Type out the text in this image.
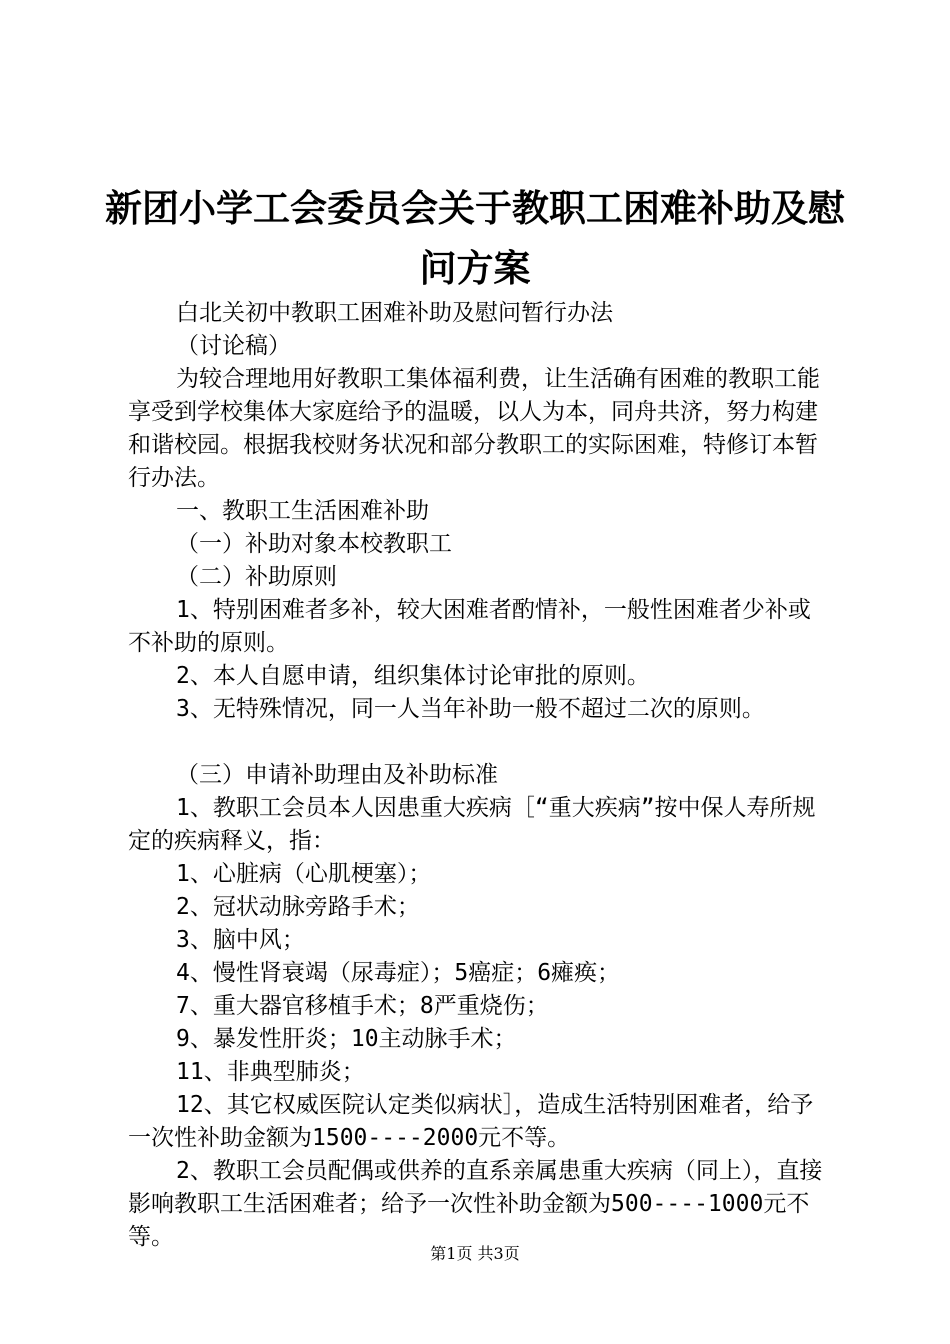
新团小学工会委员会关于教职工困难补助及慰
问方案

白北关初中教职工困难补助及慰问暂行办法

（讨论稿）

为较合理地用好教职工集体福利费，让生活确有困难的教职工能享受到学校集体大家庭给予的温暖，以人为本，同舟共济，努力构建和谐校园。根据我校财务状况和部分教职工的实际困难，特修订本暂行办法。

一、教职工生活困难补助

（一）补助对象本校教职工

（二）补助原则

1、特别困难者多补，较大困难者酌情补，一般性困难者少补或不补助的原则。

2、本人自愿申请，组织集体讨论审批的原则。

3、无特殊情况，同一人当年补助一般不超过二次的原则。

（三）申请补助理由及补助标准

1、教职工会员本人因患重大疾病［“重大疾病”按中保人寿所规定的疾病释义，指：

1、心脏病（心肌梗塞）；

2、冠状动脉旁路手术；

3、脑中风；

4、慢性肾衰竭（尿毒症）；5癌症；6瘫痪；

7、重大器官移植手术；8严重烧伤；

9、暴发性肝炎；10主动脉手术；

11、非典型肺炎；

12、其它权威医院认定类似病状］，造成生活特别困难者，给予一次性补助金额为1500----2000元不等。

2、教职工会员配偶或供养的直系亲属患重大疾病（同上），直接影响教职工生活困难者；给予一次性补助金额为500----1000元不等。

第1页 共3页
